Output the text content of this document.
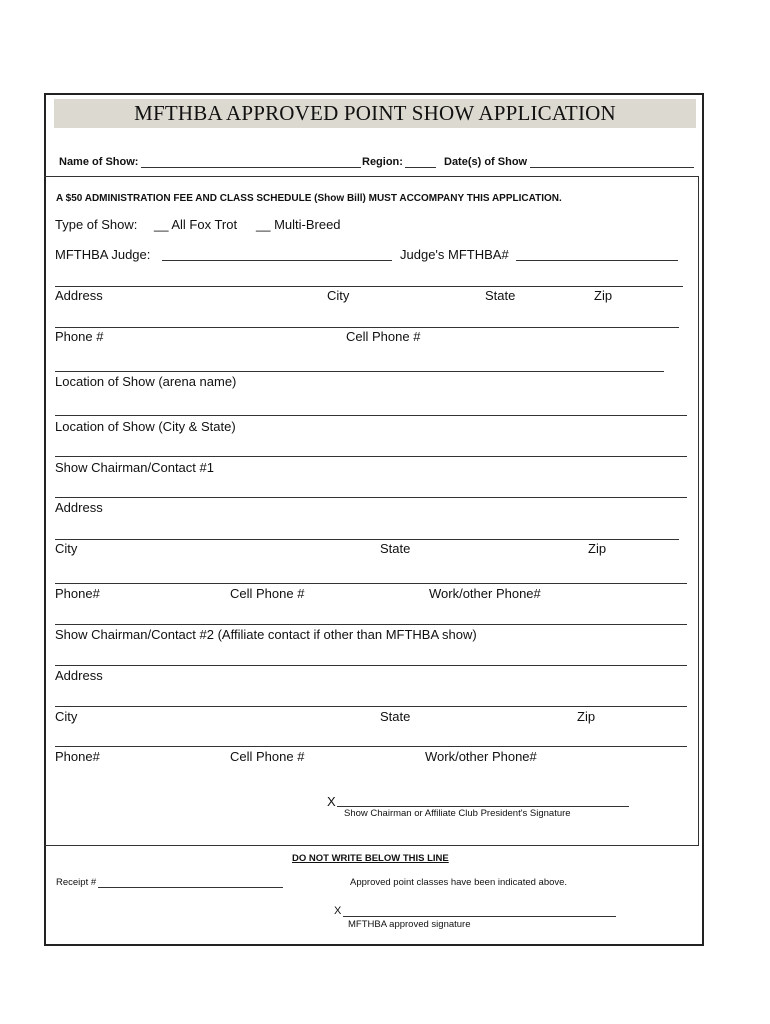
MFTHBA APPROVED POINT SHOW APPLICATION
Name of Show:	Region:	Date(s) of Show
A $50 ADMINISTRATION FEE AND CLASS SCHEDULE (Show Bill) MUST ACCOMPANY THIS APPLICATION.
Type of Show: __ All Fox Trot __ Multi-Breed
MFTHBA Judge:	Judge's MFTHBA#
Address	City	State	Zip
Phone #	Cell Phone #
Location of Show (arena name)
Location of Show (City & State)
Show Chairman/Contact #1
Address
City	State	Zip
Phone#	Cell Phone #	Work/other Phone#
Show Chairman/Contact #2 (Affiliate contact if other than MFTHBA show)
Address
City	State	Zip
Phone#	Cell Phone #	Work/other Phone#
X
Show Chairman or Affiliate Club President's Signature
DO NOT WRITE BELOW THIS LINE
Receipt #	Approved point classes have been indicated above.
X
MFTHBA approved signature
